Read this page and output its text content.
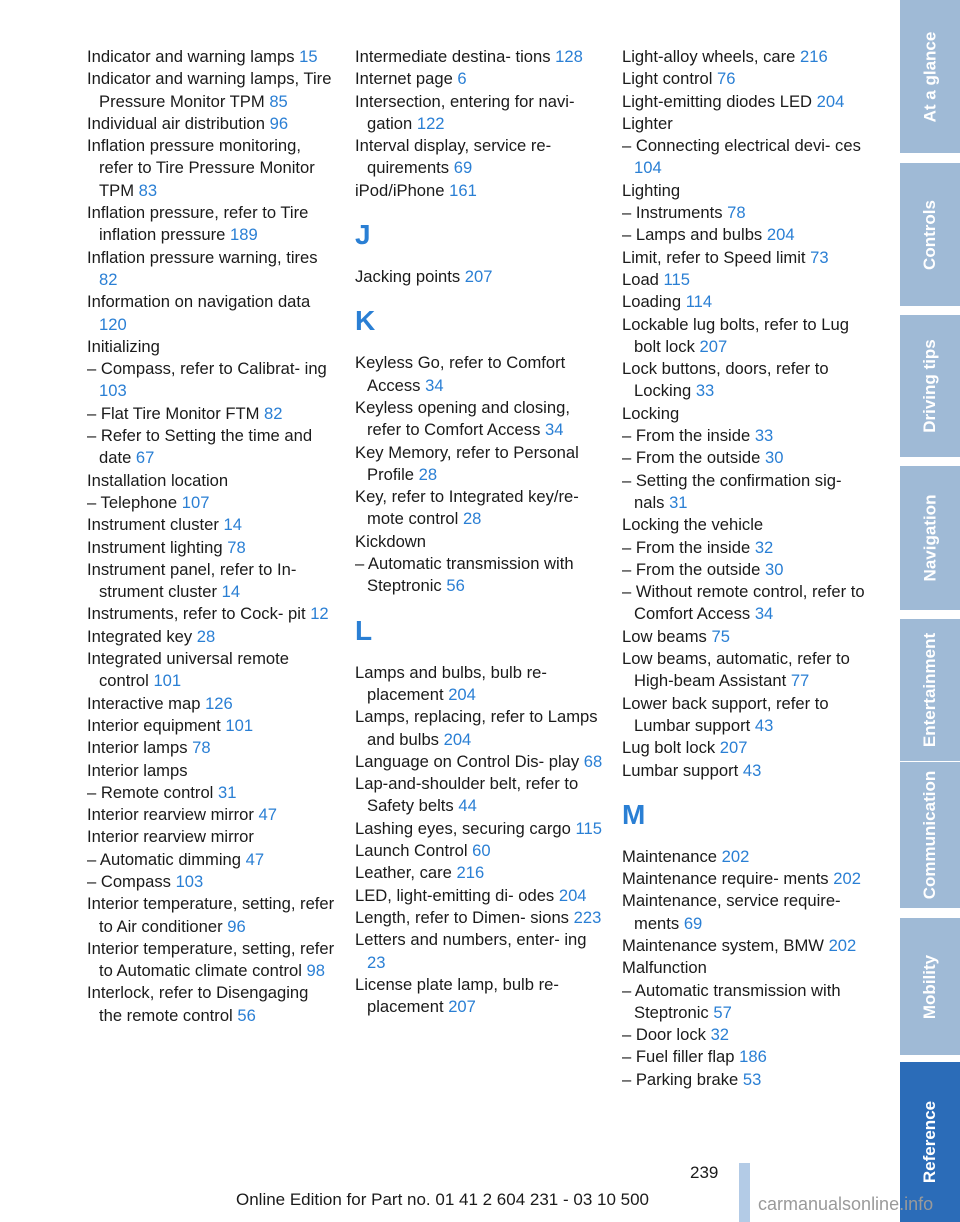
Indicator and warning lamps 15
Indicator and warning lamps, Tire Pressure Monitor TPM 85
Individual air distribution 96
Inflation pressure monitoring, refer to Tire Pressure Monitor TPM 83
Inflation pressure, refer to Tire inflation pressure 189
Inflation pressure warning, tires 82
Information on navigation data 120
Initializing
– Compass, refer to Calibrat‐ ing 103
– Flat Tire Monitor FTM 82
– Refer to Setting the time and date 67
Installation location
– Telephone 107
Instrument cluster 14
Instrument lighting 78
Instrument panel, refer to In‐ strument cluster 14
Instruments, refer to Cock‐ pit 12
Integrated key 28
Integrated universal remote control 101
Interactive map 126
Interior equipment 101
Interior lamps 78
Interior lamps
– Remote control 31
Interior rearview mirror 47
Interior rearview mirror
– Automatic dimming 47
– Compass 103
Interior temperature, setting, refer to Air conditioner 96
Interior temperature, setting, refer to Automatic climate control 98
Interlock, refer to Disengaging the remote control 56
Intermediate destina‐ tions 128
Internet page 6
Intersection, entering for navi‐ gation 122
Interval display, service re‐ quirements 69
iPod/iPhone 161
J
Jacking points 207
K
Keyless Go, refer to Comfort Access 34
Keyless opening and closing, refer to Comfort Access 34
Key Memory, refer to Personal Profile 28
Key, refer to Integrated key/re‐ mote control 28
Kickdown
– Automatic transmission with Steptronic 56
L
Lamps and bulbs, bulb re‐ placement 204
Lamps, replacing, refer to Lamps and bulbs 204
Language on Control Dis‐ play 68
Lap-and-shoulder belt, refer to Safety belts 44
Lashing eyes, securing cargo 115
Launch Control 60
Leather, care 216
LED, light-emitting di‐ odes 204
Length, refer to Dimen‐ sions 223
Letters and numbers, enter‐ ing 23
License plate lamp, bulb re‐ placement 207
Light-alloy wheels, care 216
Light control 76
Light-emitting diodes LED 204
Lighter
– Connecting electrical devi‐ ces 104
Lighting
– Instruments 78
– Lamps and bulbs 204
Limit, refer to Speed limit 73
Load 115
Loading 114
Lockable lug bolts, refer to Lug bolt lock 207
Lock buttons, doors, refer to Locking 33
Locking
– From the inside 33
– From the outside 30
– Setting the confirmation sig‐ nals 31
Locking the vehicle
– From the inside 32
– From the outside 30
– Without remote control, refer to Comfort Access 34
Low beams 75
Low beams, automatic, refer to High-beam Assistant 77
Lower back support, refer to Lumbar support 43
Lug bolt lock 207
Lumbar support 43
M
Maintenance 202
Maintenance require‐ ments 202
Maintenance, service require‐ ments 69
Maintenance system, BMW 202
Malfunction
– Automatic transmission with Steptronic 57
– Door lock 32
– Fuel filler flap 186
– Parking brake 53
At a glance
Controls
Driving tips
Navigation
Entertainment
Communication
Mobility
Reference
239
Online Edition for Part no. 01 41 2 604 231 - 03 10 500	carmanualsonline.info
